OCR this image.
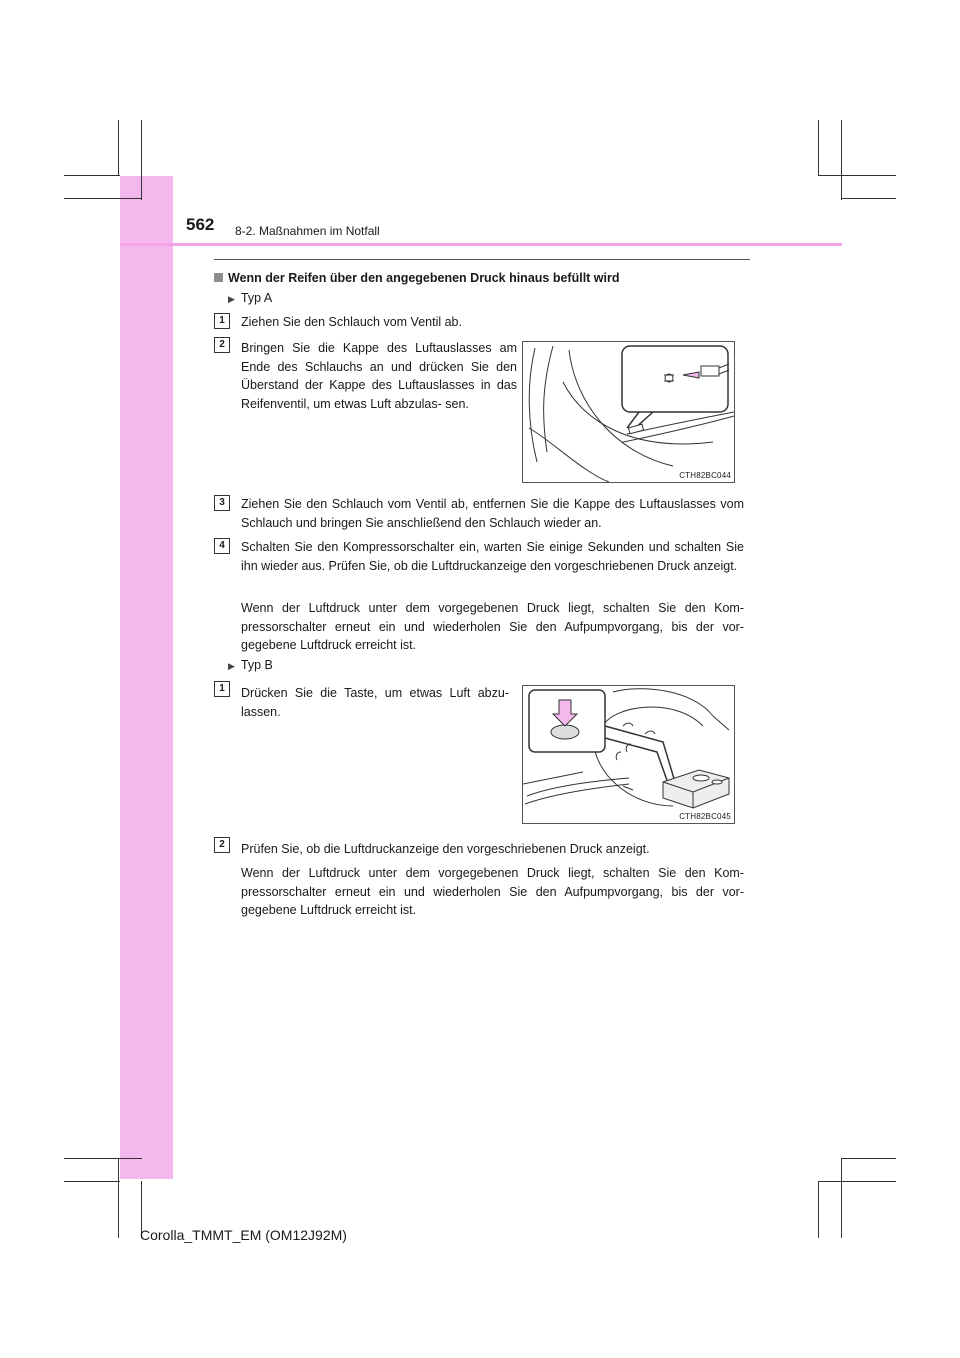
562 8-2. Maßnahmen im Notfall
Wenn der Reifen über den angegebenen Druck hinaus befüllt wird
▶ Typ A
1	Ziehen Sie den Schlauch vom Ventil ab.
2	Bringen Sie die Kappe des Luftauslasses am Ende des Schlauchs an und drücken Sie den Überstand der Kappe des Luftauslasses in das Reifenventil, um etwas Luft abzulas- sen.
CTH82BC044
3	Ziehen Sie den Schlauch vom Ventil ab, entfernen Sie die Kappe des Luftauslasses vom Schlauch und bringen Sie anschließend den Schlauch wieder an.
4	Schalten Sie den Kompressorschalter ein, warten Sie einige Sekunden und schalten Sie ihn wieder aus. Prüfen Sie, ob die Luftdruckanzeige den vorgeschriebenen Druck anzeigt.
Wenn der Luftdruck unter dem vorgegebenen Druck liegt, schalten Sie den Kom- pressorschalter erneut ein und wiederholen Sie den Aufpumpvorgang, bis der vor- gegebene Luftdruck erreicht ist.
▶ Typ B
1	Drücken Sie die Taste, um etwas Luft abzu- lassen.
CTH82BC045
2	Prüfen Sie, ob die Luftdruckanzeige den vorgeschriebenen Druck anzeigt.
Wenn der Luftdruck unter dem vorgegebenen Druck liegt, schalten Sie den Kom- pressorschalter erneut ein und wiederholen Sie den Aufpumpvorgang, bis der vor- gegebene Luftdruck erreicht ist.
Corolla_TMMT_EM (OM12J92M)
